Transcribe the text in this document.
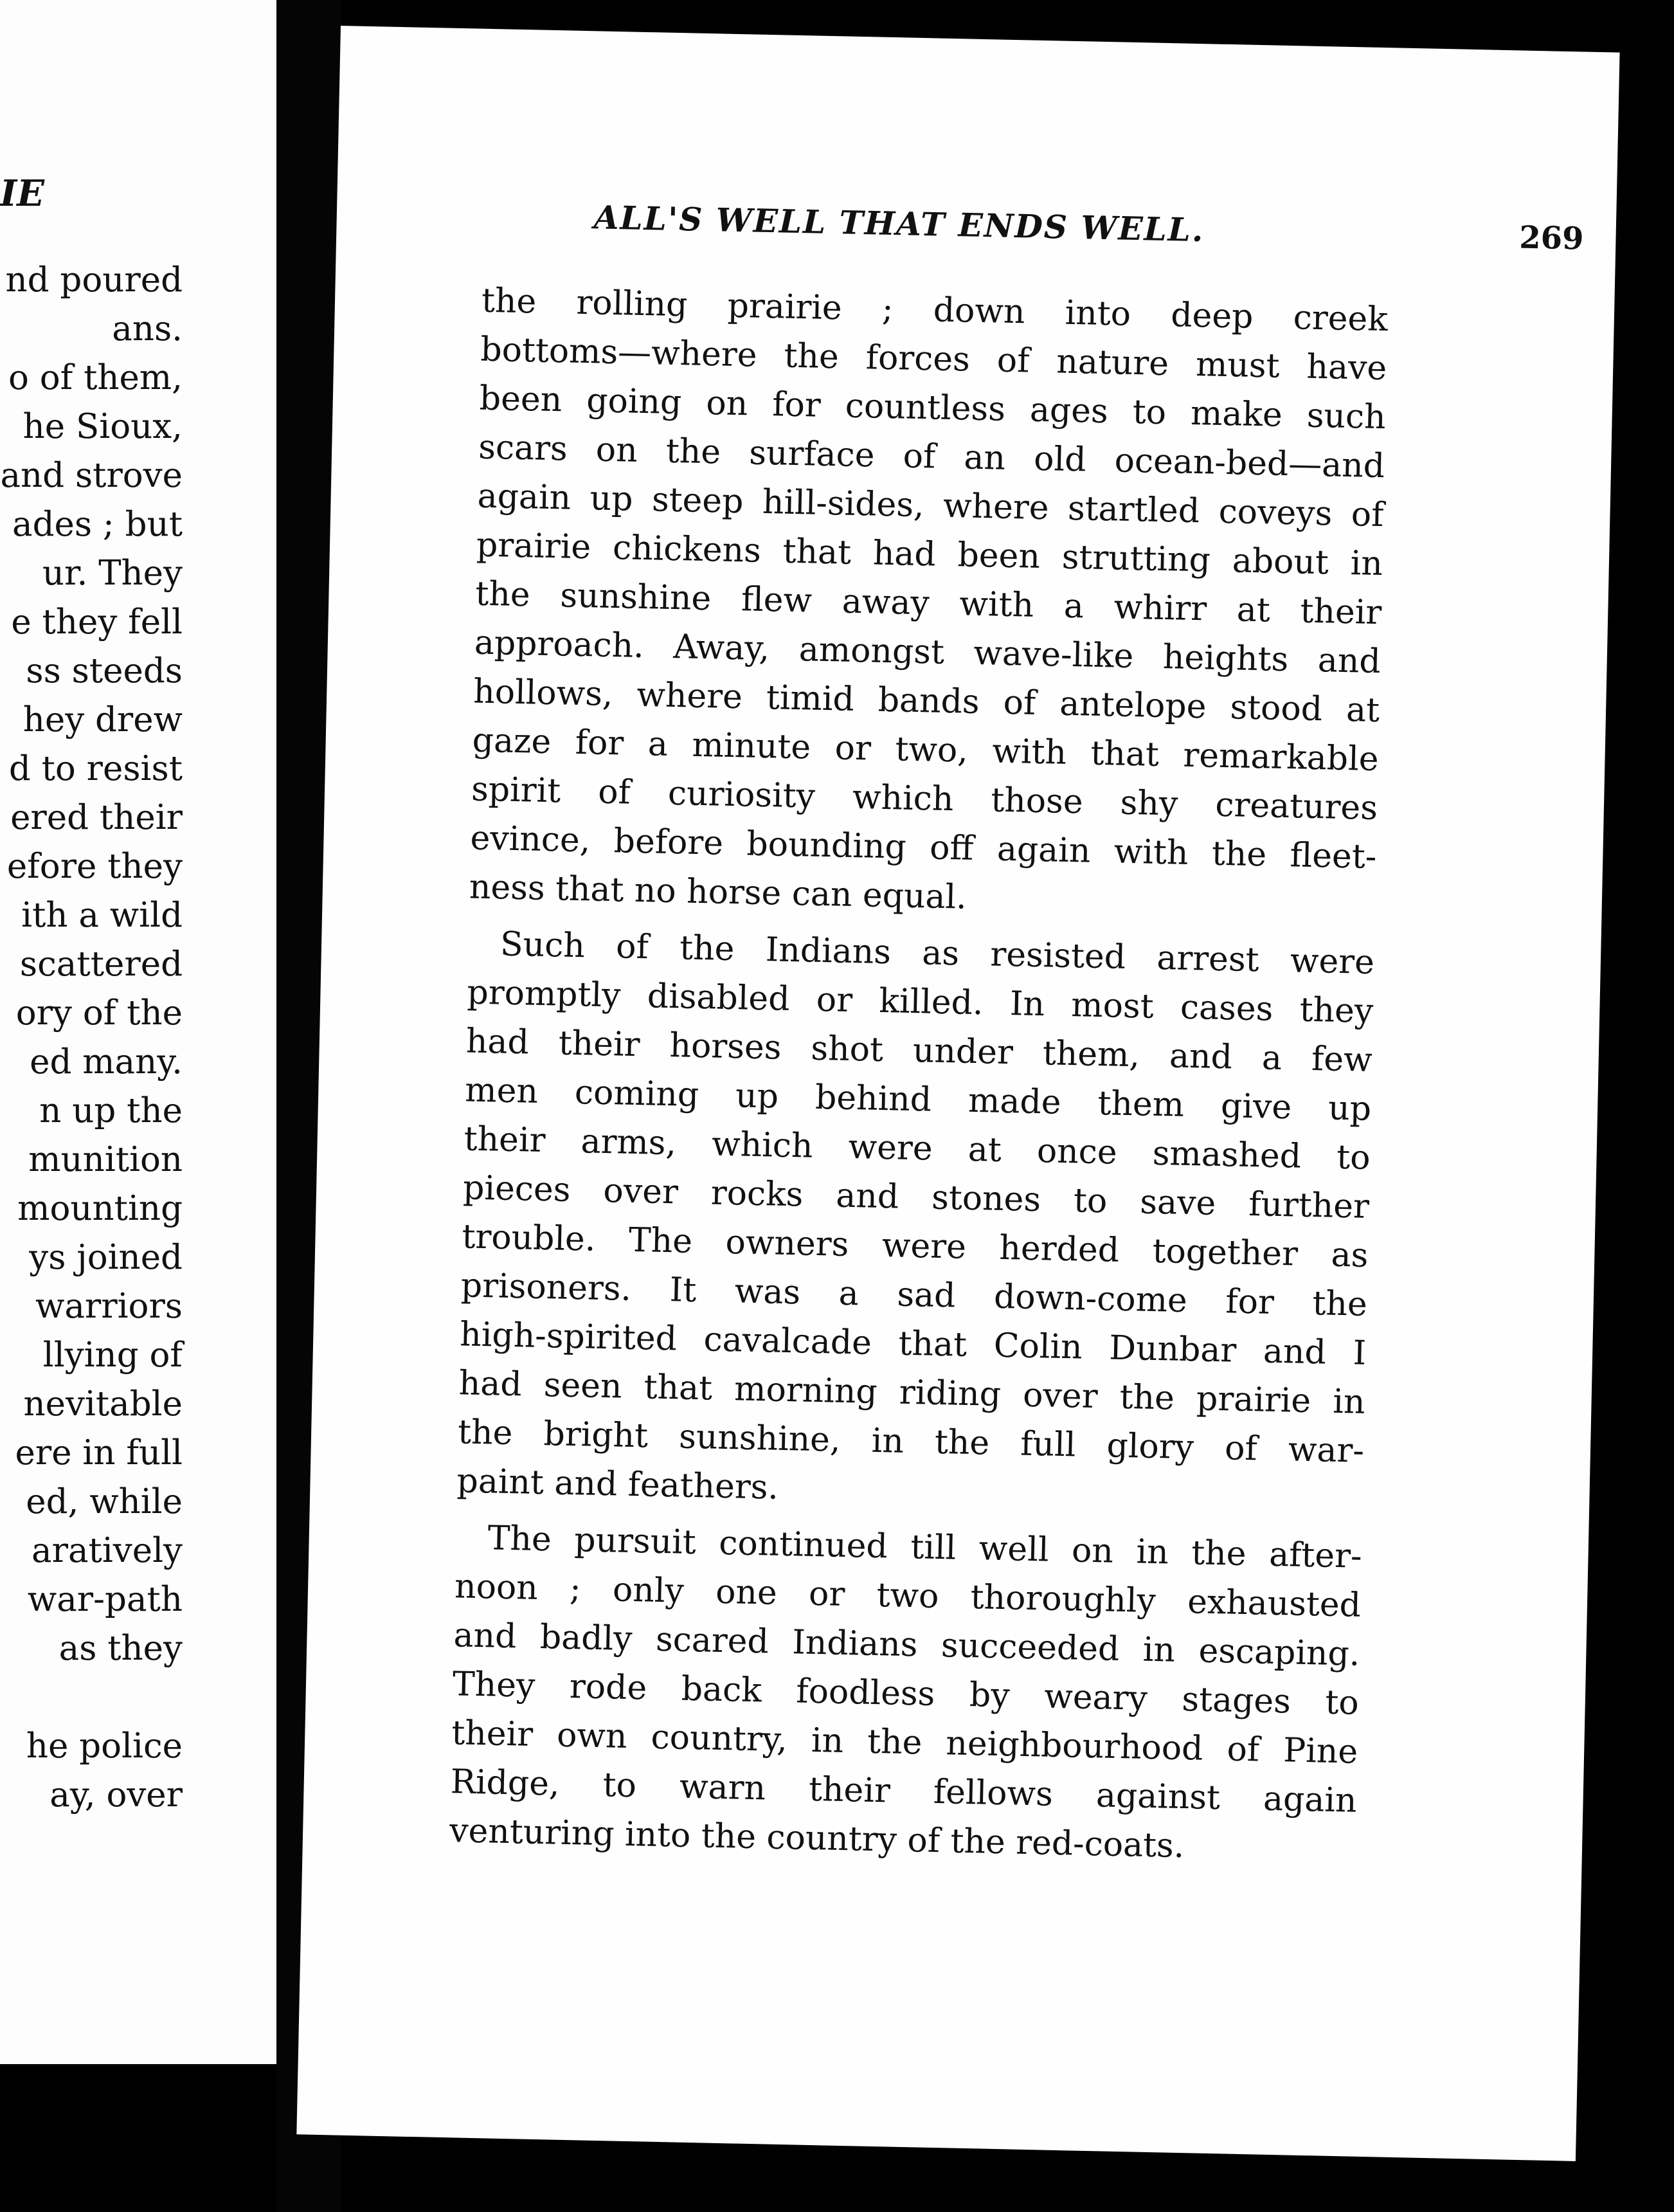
IE
nd poured
ans.
o of them,
he Sioux,
and strove
ades ; but
ur. They
e they fell
ss steeds
hey drew
d to resist
ered their
efore they
ith a wild
scattered
ory of the
ed many.
n up the
munition
mounting
ys joined
warriors
llying of
nevitable
ere in full
ed, while
aratively
war-path
as they
he police
ay, over
ALL'S WELL THAT ENDS WELL.	269
the rolling prairie ; down into deep creek
bottoms—where the forces of nature must have
been going on for countless ages to make such
scars on the surface of an old ocean-bed—and
again up steep hill-sides, where startled coveys of
prairie chickens that had been strutting about in
the sunshine flew away with a whirr at their
approach. Away, amongst wave-like heights and
hollows, where timid bands of antelope stood at
gaze for a minute or two, with that remarkable
spirit of curiosity which those shy creatures
evince, before bounding off again with the fleet-
ness that no horse can equal.
Such of the Indians as resisted arrest were
promptly disabled or killed. In most cases they
had their horses shot under them, and a few
men coming up behind made them give up
their arms, which were at once smashed to
pieces over rocks and stones to save further
trouble. The owners were herded together as
prisoners. It was a sad down-come for the
high-spirited cavalcade that Colin Dunbar and I
had seen that morning riding over the prairie in
the bright sunshine, in the full glory of war-
paint and feathers.
The pursuit continued till well on in the after-
noon ; only one or two thoroughly exhausted
and badly scared Indians succeeded in escaping.
They rode back foodless by weary stages to
their own country, in the neighbourhood of Pine
Ridge, to warn their fellows against again
venturing into the country of the red-coats.
